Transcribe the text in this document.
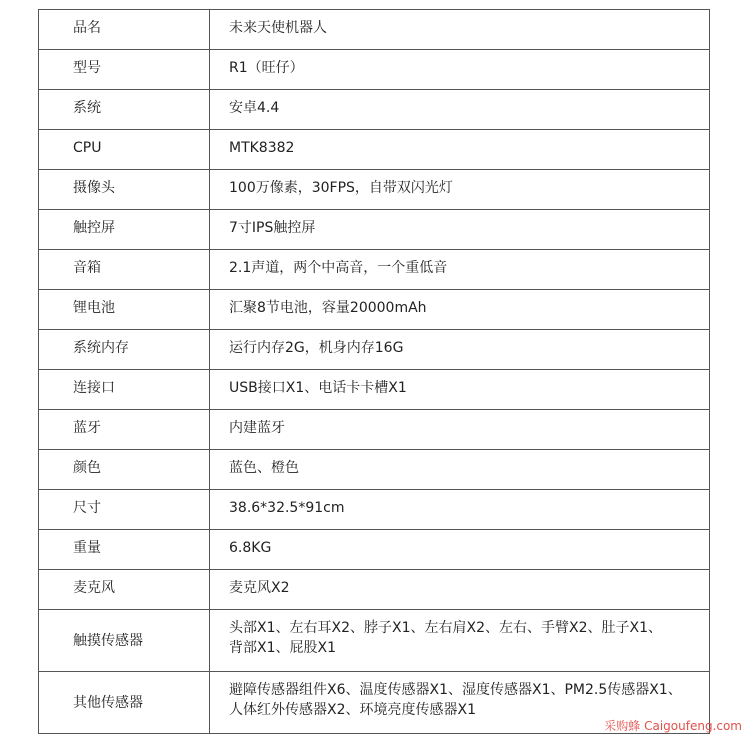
品名	未来天使机器人
型号	R1（旺仔）
系统	安卓4.4
CPU	MTK8382
摄像头	100万像素，30FPS，自带双闪光灯
触控屏	7寸IPS触控屏
音箱	2.1声道，两个中高音，一个重低音
锂电池	汇聚8节电池，容量20000mAh
系统内存	运行内存2G，机身内存16G
连接口	USB接口X1、电话卡卡槽X1
蓝牙	内建蓝牙
颜色	蓝色、橙色
尺寸	38.6*32.5*91cm
重量	6.8KG
麦克风	麦克风X2
触摸传感器	头部X1、左右耳X2、脖子X1、左右肩X2、左右、手臂X2、肚子X1、
背部X1、屁股X1

其他传感器	避障传感器组件X6、温度传感器X1、湿度传感器X1、PM2.5传感器X1、
人体红外传感器X2、环境亮度传感器X1
采购蜂 Caigoufeng.com
